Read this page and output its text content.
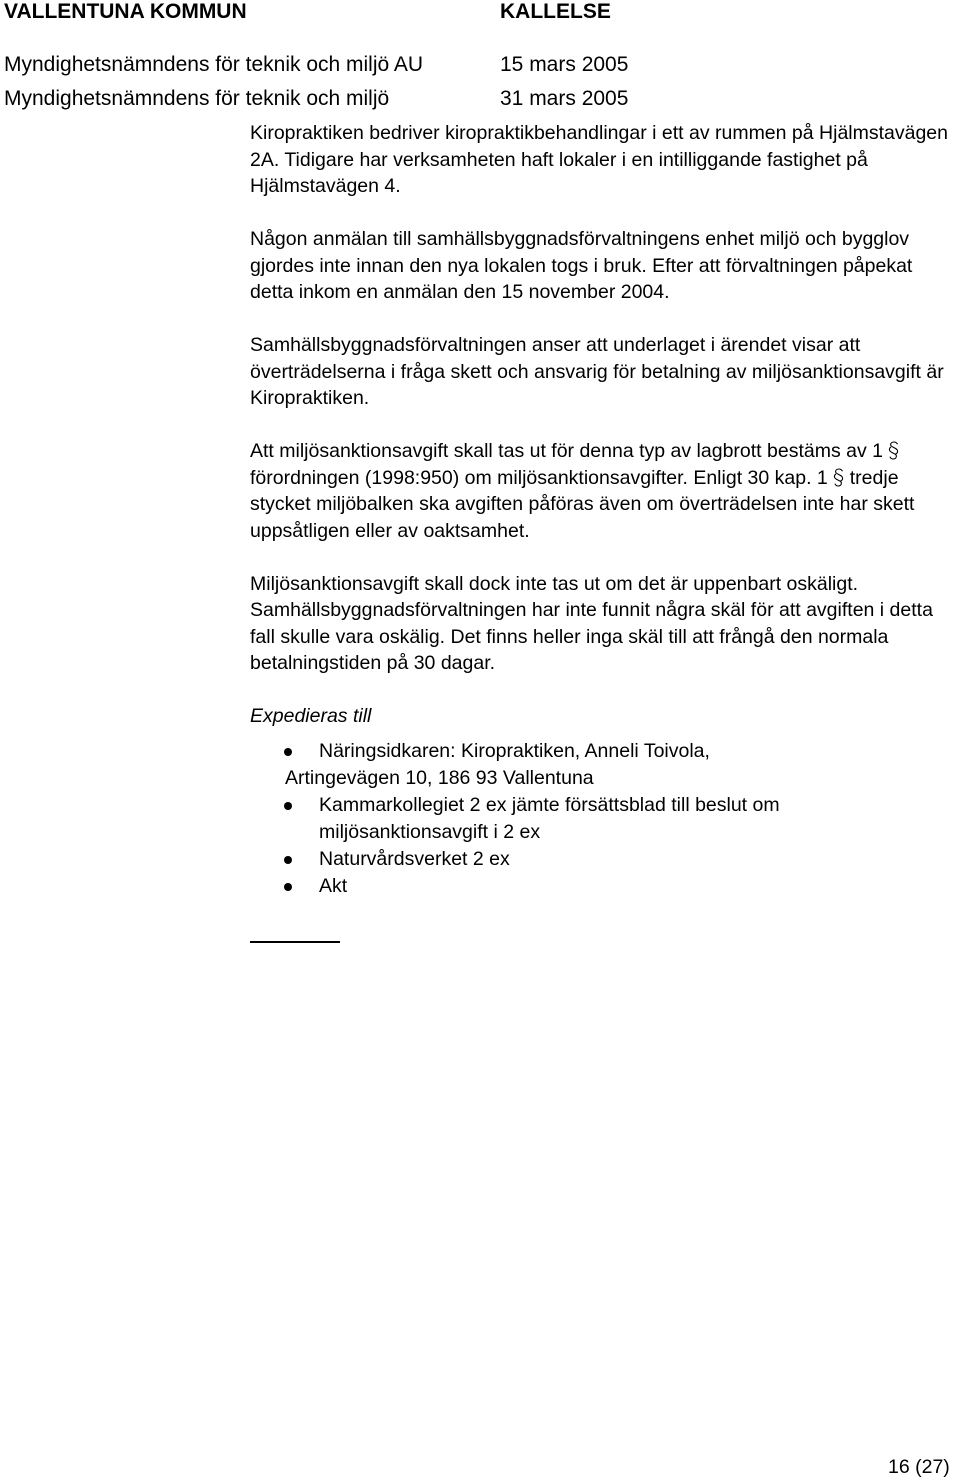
VALLENTUNA KOMMUN	KALLELSE
Myndighetsnämndens för teknik och miljö AU	15 mars 2005
Myndighetsnämndens för teknik och miljö	31 mars 2005

Kiropraktiken bedriver kiropraktikbehandlingar i ett av rummen på Hjälmstavägen 2A. Tidigare har verksamheten haft lokaler i en intilliggande fastighet på Hjälmstavägen 4.

Någon anmälan till samhällsbyggnadsförvaltningens enhet miljö och bygglov gjordes inte innan den nya lokalen togs i bruk. Efter att förvaltningen påpekat detta inkom en anmälan den 15 november 2004.

Samhällsbyggnadsförvaltningen anser att underlaget i ärendet visar att överträdelserna i fråga skett och ansvarig för betalning av miljösanktionsavgift är Kiropraktiken.

Att miljösanktionsavgift skall tas ut för denna typ av lagbrott bestäms av 1förordningen (1998:950) om miljösanktionsavgifter. Enligt 30 kap. 1 tredje stycket miljöbalken ska avgiften påföras även om överträdelsen inte har skett uppsåtligen eller av oaktsamhet.

Miljösanktionsavgift skall dock inte tas ut om det är uppenbart oskäligt. Samhällsbyggnadsförvaltningen har inte funnit några skäl för att avgiften i detta fall skulle vara oskälig. Det finns heller inga skäl till att frångå den normala betalningstiden på 30 dagar.

Expedieras till
Näringsidkaren: Kiropraktiken, Anneli Toivola,
Artingevägen 10, 186 93 Vallentuna
Kammarkollegiet 2 ex jämte försättsblad till beslut om miljösanktionsavgift i 2 ex
Naturvårdsverket 2 ex
Akt
16 (27)
